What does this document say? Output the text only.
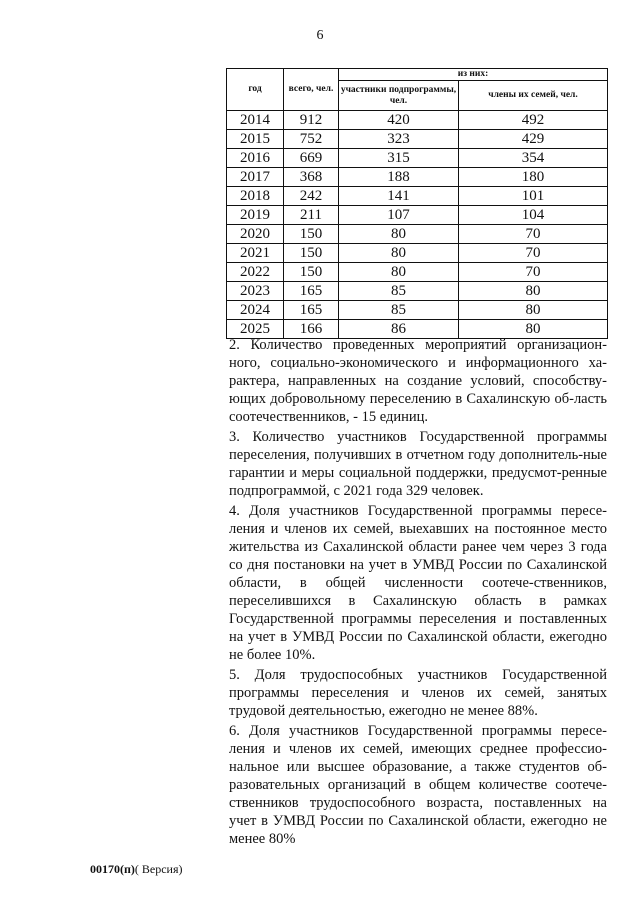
6
год	всего, чел.	из них:	
		участники подпрограммы, чел.	члены их семей, чел.
2014	912	420	492
2015	752	323	429
2016	669	315	354
2017	368	188	180
2018	242	141	101
2019	211	107	104
2020	150	80	70
2021	150	80	70
2022	150	80	70
2023	165	85	80
2024	165	85	80
2025	166	86	80

2. Количество проведенных мероприятий организацион-ного, социально-экономического и информационного ха-рактера, направленных на создание условий, способству-ющих добровольному переселению в Сахалинскую об-ласть соотечественников, - 15 единиц.

3. Количество участников Государственной программы переселения, получивших в отчетном году дополнитель-ные гарантии и меры социальной поддержки, предусмот-ренные подпрограммой, с 2021 года 329 человек.

4. Доля участников Государственной программы пересе-ления и членов их семей, выехавших на постоянное место жительства из Сахалинской области ранее чем через 3 года со дня постановки на учет в УМВД России по Сахалинской области, в общей численности соотече-ственников, переселившихся в Сахалинскую область в рамках Государственной программы переселения и поставленных на учет в УМВД России по Сахалинской области, ежегодно не более 10%.

5. Доля трудоспособных участников Государственной программы переселения и членов их семей, занятых трудовой деятельностью, ежегодно не менее 88%.

6. Доля участников Государственной программы пересе-ления и членов их семей, имеющих среднее профессио-нальное или высшее образование, а также студентов об-разовательных организаций в общем количестве соотече-ственников трудоспособного возраста, поставленных на учет в УМВД России по Сахалинской области, ежегодно не менее 80%

00170(п)( Версия)
